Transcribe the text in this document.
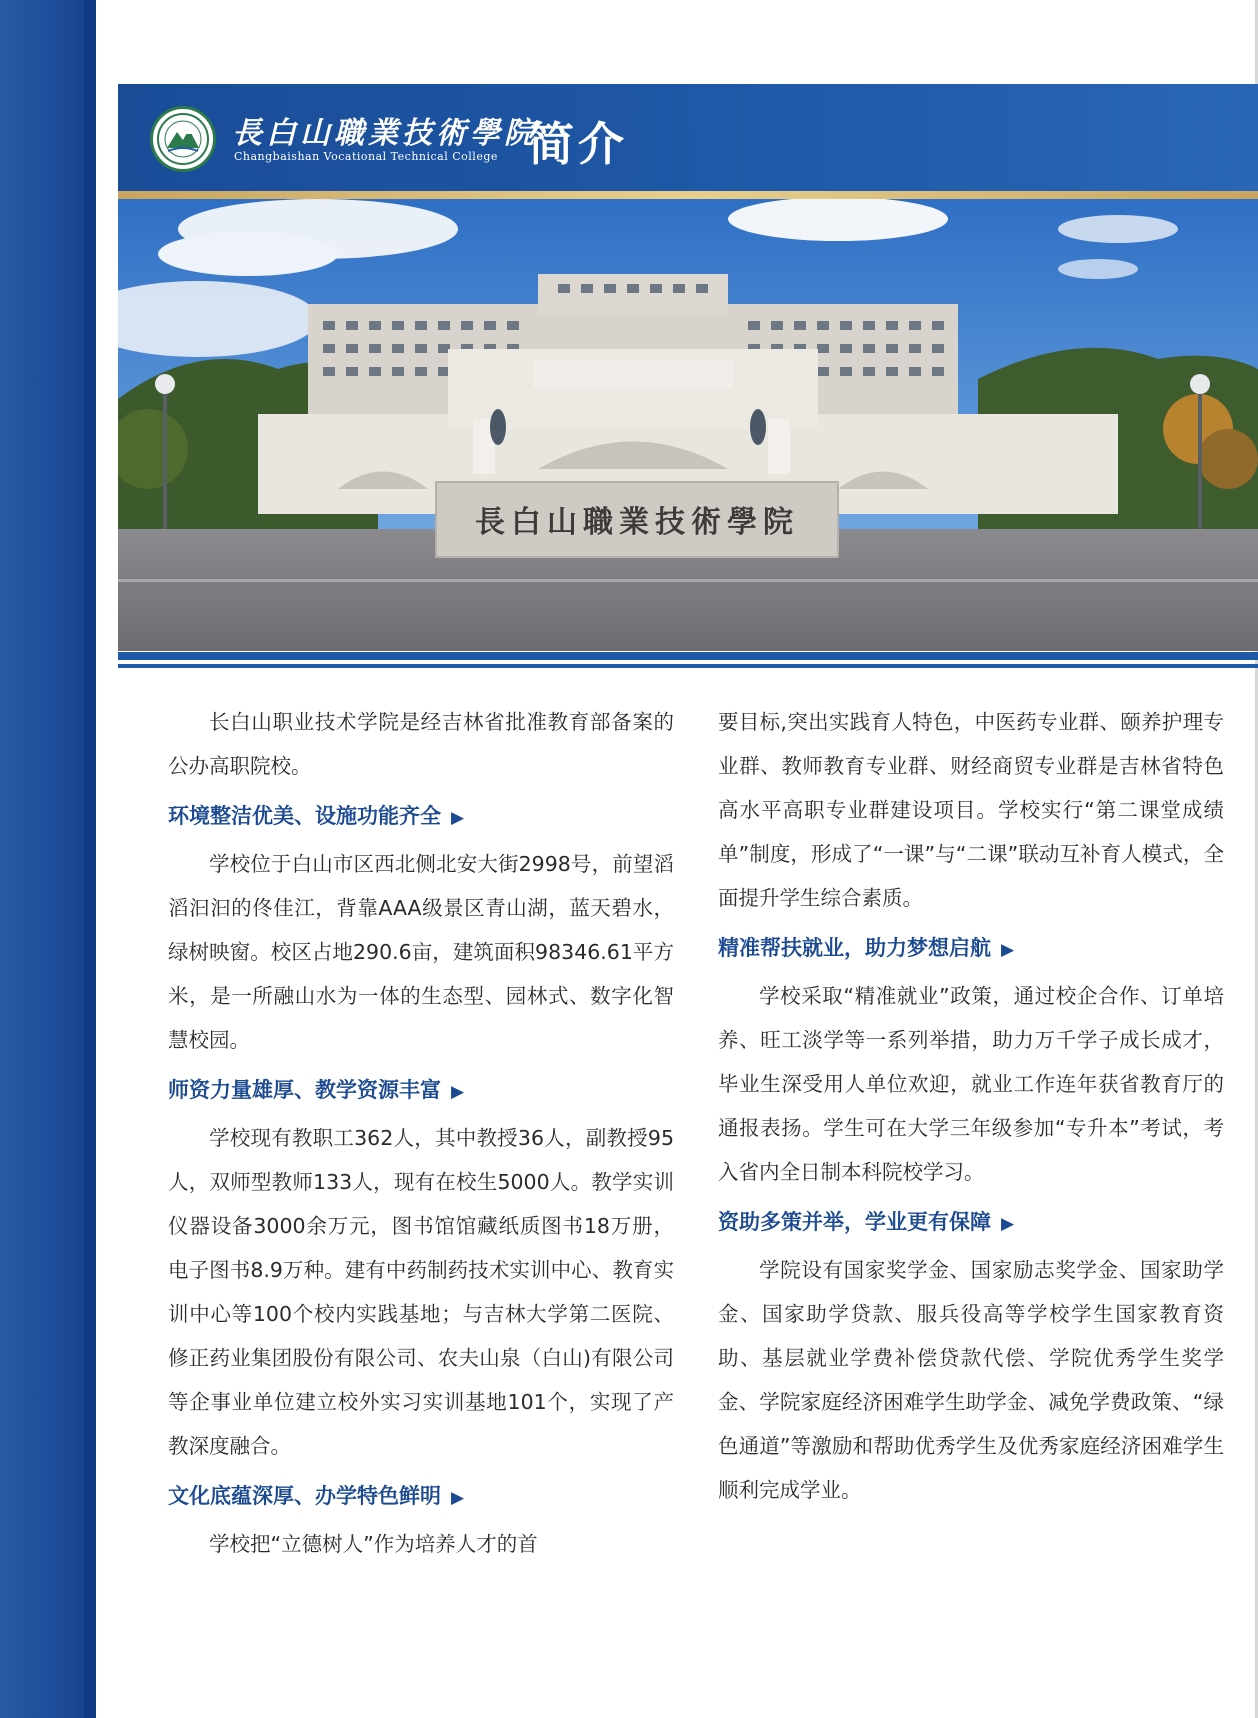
長白山職業技術學院
Changbaishan Vocational Technical College 简介
長白山職業技術學院

长白山职业技术学院是经吉林省批准教育部备案的公办高职院校。

环境整洁优美、设施功能齐全 ▶

学校位于白山市区西北侧北安大街2998号，前望滔滔汩汩的佟佳江，背靠AAA级景区青山湖，蓝天碧水，绿树映窗。校区占地290.6亩，建筑面积98346.61平方米，是一所融山水为一体的生态型、园林式、数字化智慧校园。

师资力量雄厚、教学资源丰富 ▶

学校现有教职工362人，其中教授36人，副教授95人，双师型教师133人，现有在校生5000人。教学实训仪器设备3000余万元，图书馆馆藏纸质图书18万册，电子图书8.9万种。建有中药制药技术实训中心、教育实训中心等100个校内实践基地；与吉林大学第二医院、修正药业集团股份有限公司、农夫山泉（白山)有限公司等企事业单位建立校外实习实训基地101个，实现了产教深度融合。

文化底蕴深厚、办学特色鲜明 ▶

学校把“立德树人”作为培养人才的首

要目标,突出实践育人特色，中医药专业群、颐养护理专业群、教师教育专业群、财经商贸专业群是吉林省特色高水平高职专业群建设项目。学校实行“第二课堂成绩单”制度，形成了“一课”与“二课”联动互补育人模式，全面提升学生综合素质。

精准帮扶就业，助力梦想启航 ▶

学校采取“精准就业”政策，通过校企合作、订单培养、旺工淡学等一系列举措，助力万千学子成长成才，毕业生深受用人单位欢迎，就业工作连年获省教育厅的通报表扬。学生可在大学三年级参加“专升本”考试，考入省内全日制本科院校学习。

资助多策并举，学业更有保障 ▶

学院设有国家奖学金、国家励志奖学金、国家助学金、国家助学贷款、服兵役高等学校学生国家教育资助、基层就业学费补偿贷款代偿、学院优秀学生奖学金、学院家庭经济困难学生助学金、减免学费政策、“绿色通道”等激励和帮助优秀学生及优秀家庭经济困难学生顺利完成学业。
